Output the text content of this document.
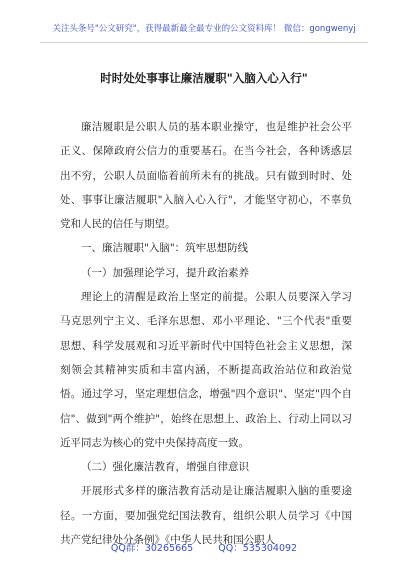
关注头条号"公文研究"，获得最新最全最专业的公文资料库！ 微信：gongwenyj
时时处处事事让廉洁履职"入脑入心入行"

廉洁履职是公职人员的基本职业操守，也是维护社会公平正义、保障政府公信力的重要基石。在当今社会，各种诱惑层出不穷，公职人员面临着前所未有的挑战。只有做到时时、处处、事事让廉洁履职"入脑入心入行"，才能坚守初心，不辜负党和人民的信任与期望。

一、廉洁履职"入脑"：筑牢思想防线

（一）加强理论学习，提升政治素养

理论上的清醒是政治上坚定的前提。公职人员要深入学习马克思列宁主义、毛泽东思想、邓小平理论、"三个代表"重要思想、科学发展观和习近平新时代中国特色社会主义思想，深刻领会其精神实质和丰富内涵，不断提高政治站位和政治觉悟。通过学习，坚定理想信念，增强"四个意识"、坚定"四个自信"、做到"两个维护"，始终在思想上、政治上、行动上同以习近平同志为核心的党中央保持高度一致。

（二）强化廉洁教育，增强自律意识

开展形式多样的廉洁教育活动是让廉洁履职入脑的重要途径。一方面，要加强党纪国法教育，组织公职人员学习《中国共产党纪律处分条例》《中华人民共和国公职人

QQ群：30265665	QQ：535304092
